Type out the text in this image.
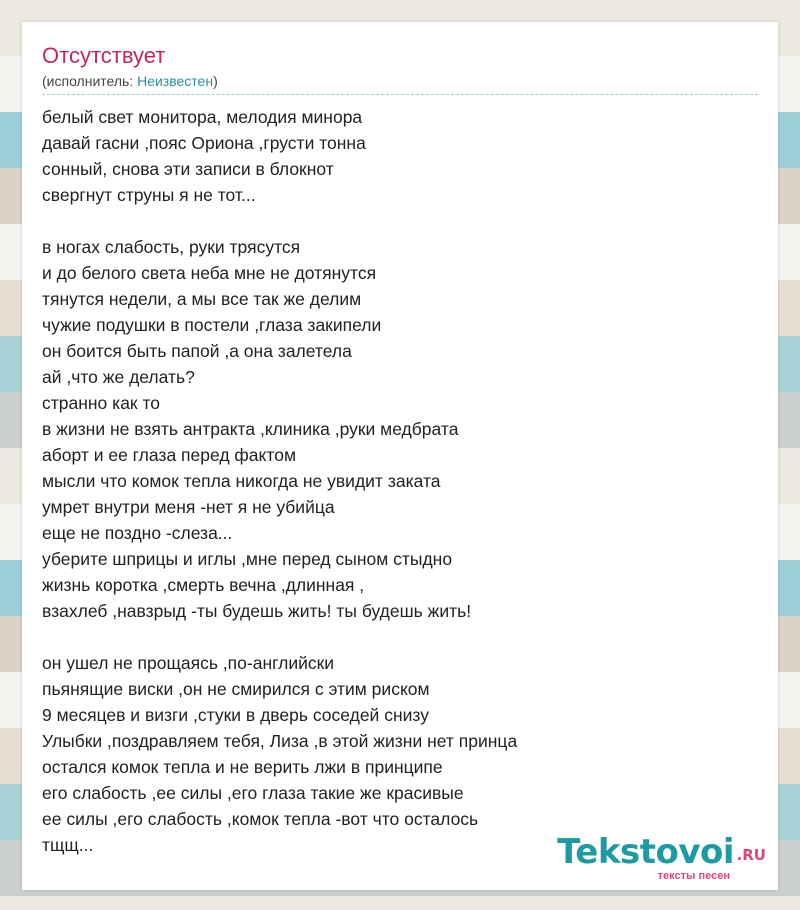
Отсутствует
(исполнитель: Неизвестен)
белый свет монитора, мелодия минора
давай гасни ,пояс Ориона ,грусти тонна
сонный, снова эти записи в блокнот
свергнут струны я не тот...
в ногах слабость, руки трясутся
и до белого света неба мне не дотянутся
тянутся недели, а мы все так же делим
чужие подушки в постели ,глаза закипели
он боится быть папой ,а она залетела
ай ,что же делать?
странно как то
в жизни не взять антракта ,клиника ,руки медбрата
аборт и ее глаза перед фактом
мысли что комок тепла никогда не увидит заката
умрет внутри меня -нет я не убийца
еще не поздно -слеза...
уберите шприцы и иглы ,мне перед сыном стыдно
жизнь коротка ,смерть вечна ,длинная ,
взахлеб ,навзрыд -ты будешь жить! ты будешь жить!
он ушел не прощаясь ,по-английски
пьянящие виски ,он не смирился с этим риском
9 месяцев и визги ,стуки в дверь соседей снизу
Улыбки ,поздравляем тебя, Лиза ,в этой жизни нет принца
остался комок тепла и не верить лжи в принципе
его слабость ,ее силы ,его глаза такие же красивые
ее силы ,его слабость ,комок тепла -вот что осталось
тщщ...	Tekstovoi .RU
тексты песен
